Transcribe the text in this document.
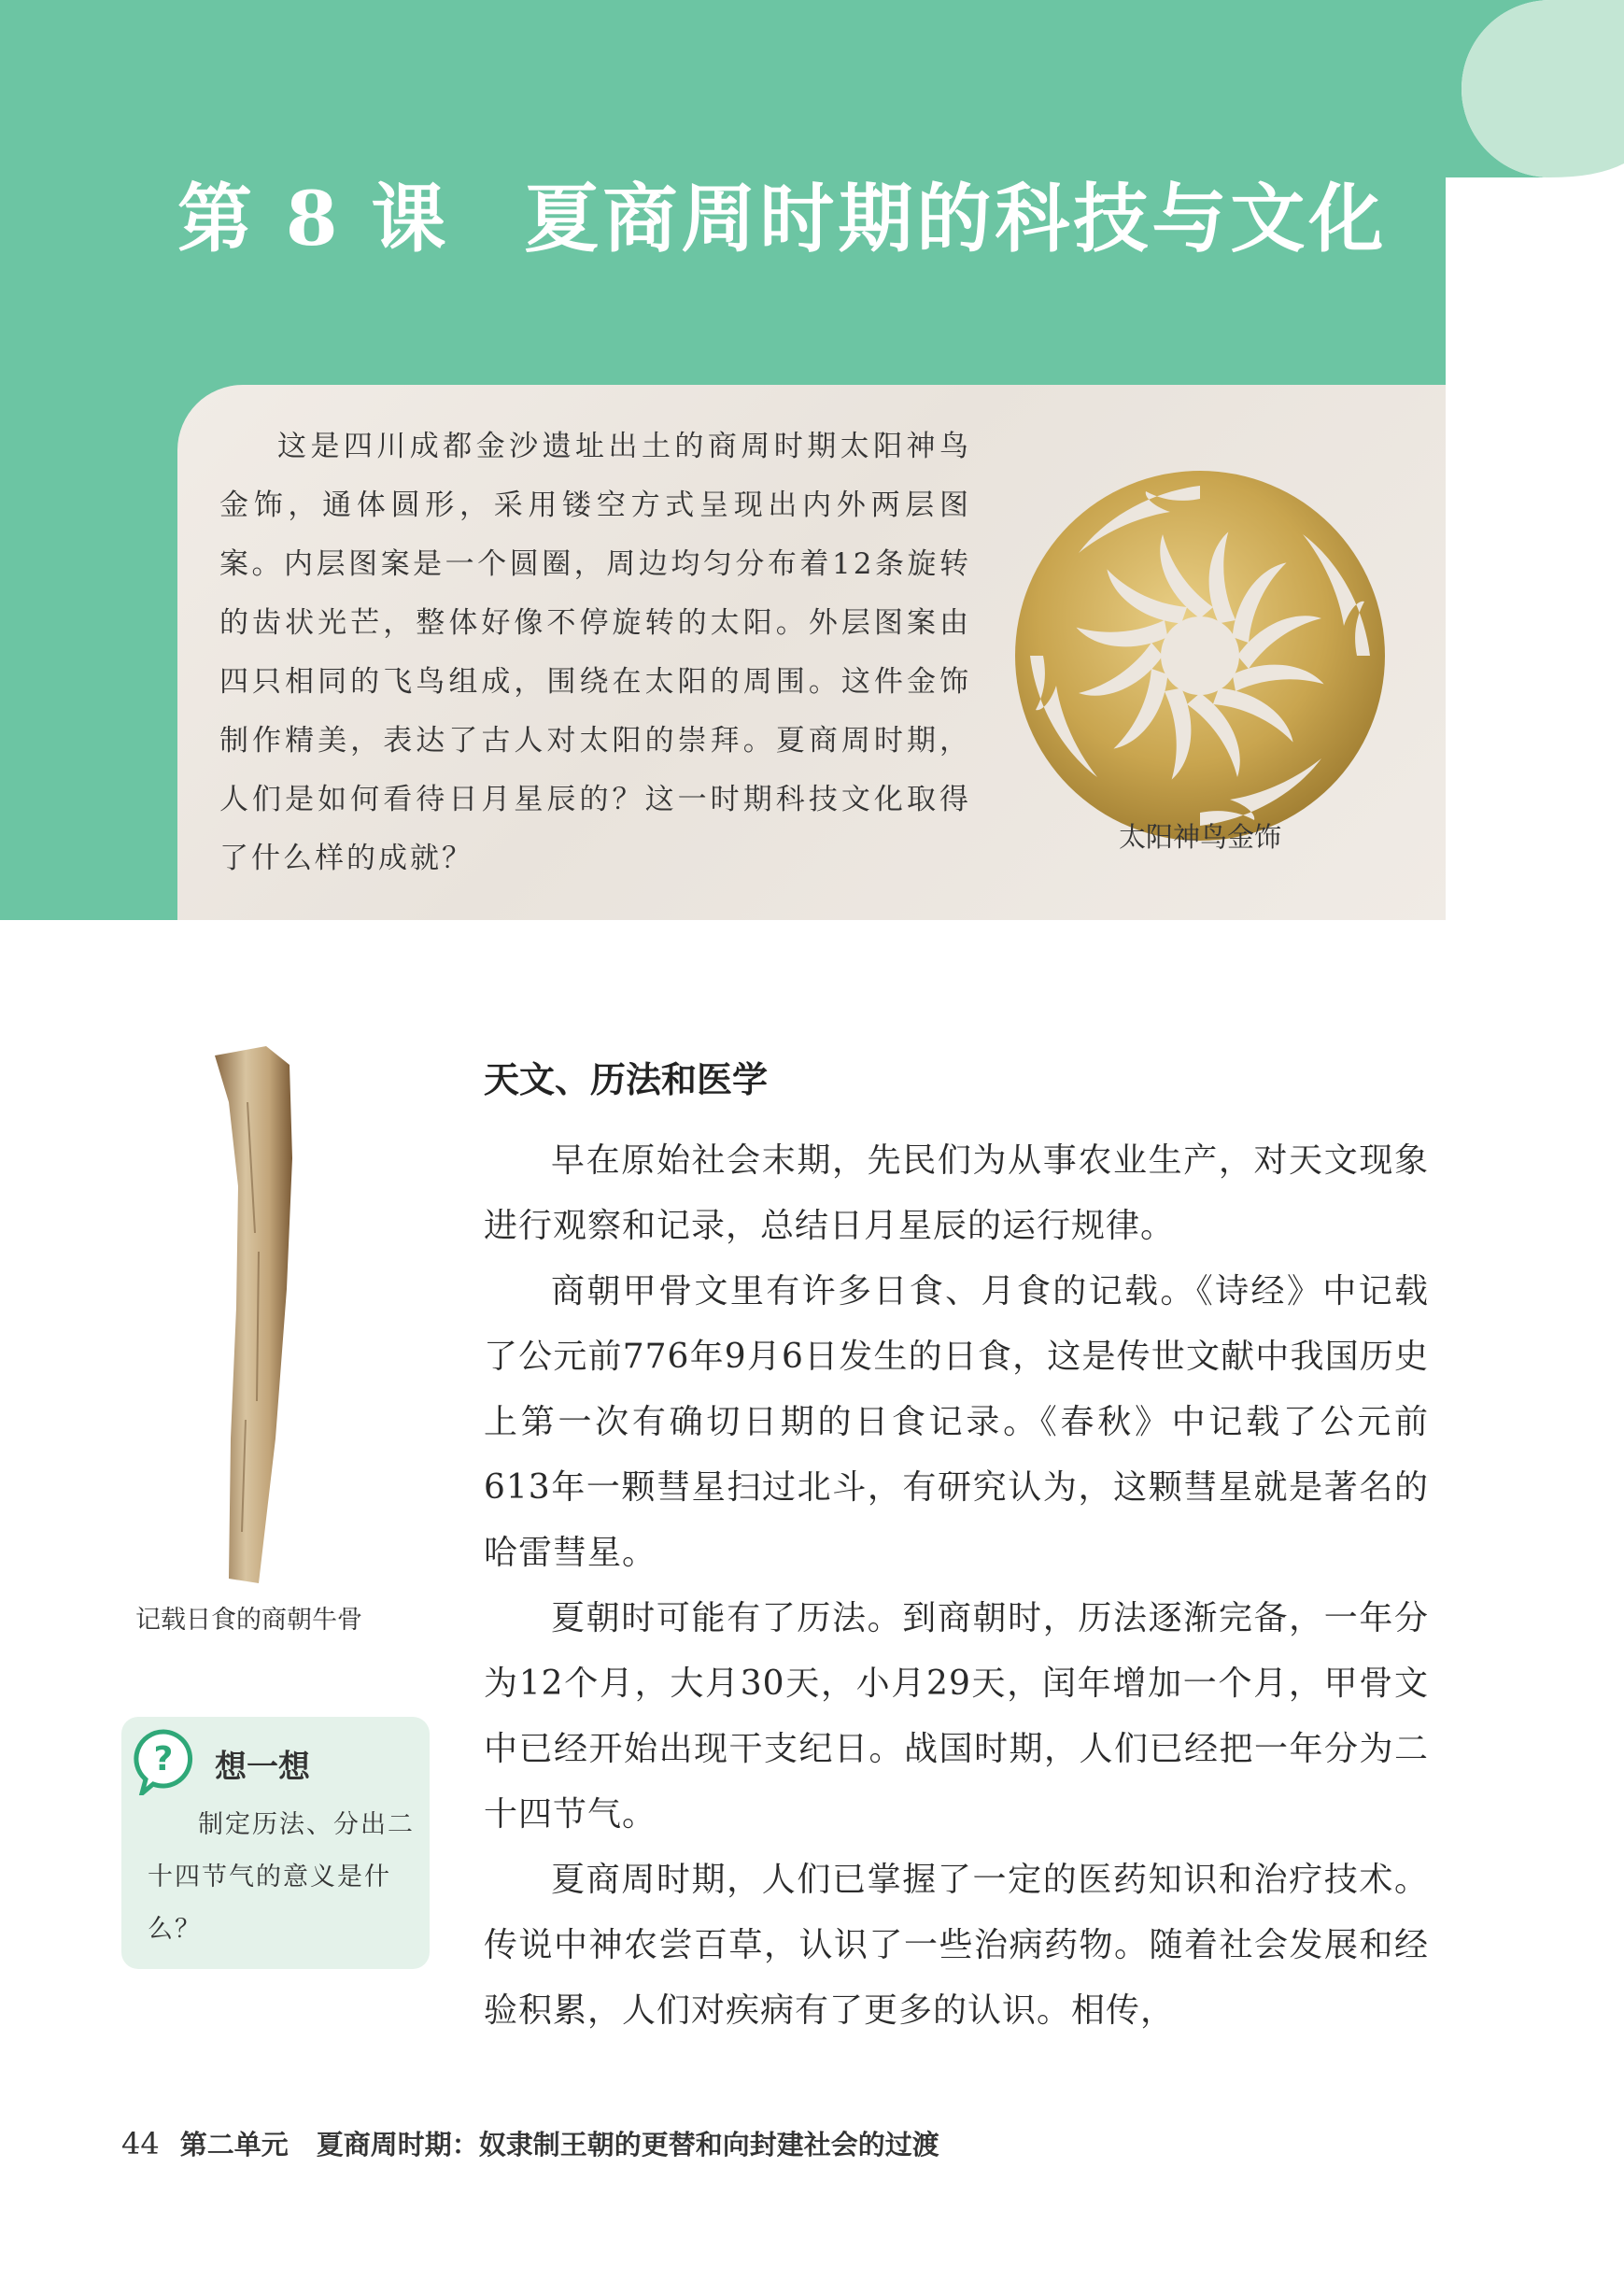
第 8 课 夏商周时期的科技与文化

这是四川成都金沙遗址出土的商周时期太阳神鸟金饰，通体圆形，采用镂空方式呈现出内外两层图案。内层图案是一个圆圈，周边均匀分布着12条旋转的齿状光芒，整体好像不停旋转的太阳。外层图案由四只相同的飞鸟组成，围绕在太阳的周围。这件金饰制作精美，表达了古人对太阳的崇拜。夏商周时期，人们是如何看待日月星辰的？这一时期科技文化取得了什么样的成就？

太阳神鸟金饰
记载日食的商朝牛骨
? 想一想

制定历法、分出二十四节气的意义是什么？

天文、历法和医学

早在原始社会末期，先民们为从事农业生产，对天文现象进行观察和记录，总结日月星辰的运行规律。

商朝甲骨文里有许多日食、月食的记载。《诗经》中记载了公元前776年9月6日发生的日食，这是传世文献中我国历史上第一次有确切日期的日食记录。《春秋》中记载了公元前613年一颗彗星扫过北斗，有研究认为，这颗彗星就是著名的哈雷彗星。

夏朝时可能有了历法。到商朝时，历法逐渐完备，一年分为12个月，大月30天，小月29天，闰年增加一个月，甲骨文中已经开始出现干支纪日。战国时期，人们已经把一年分为二十四节气。

夏商周时期，人们已掌握了一定的医药知识和治疗技术。传说中神农尝百草，认识了一些治病药物。随着社会发展和经验积累，人们对疾病有了更多的认识。相传，

44 第二单元 夏商周时期：奴隶制王朝的更替和向封建社会的过渡
